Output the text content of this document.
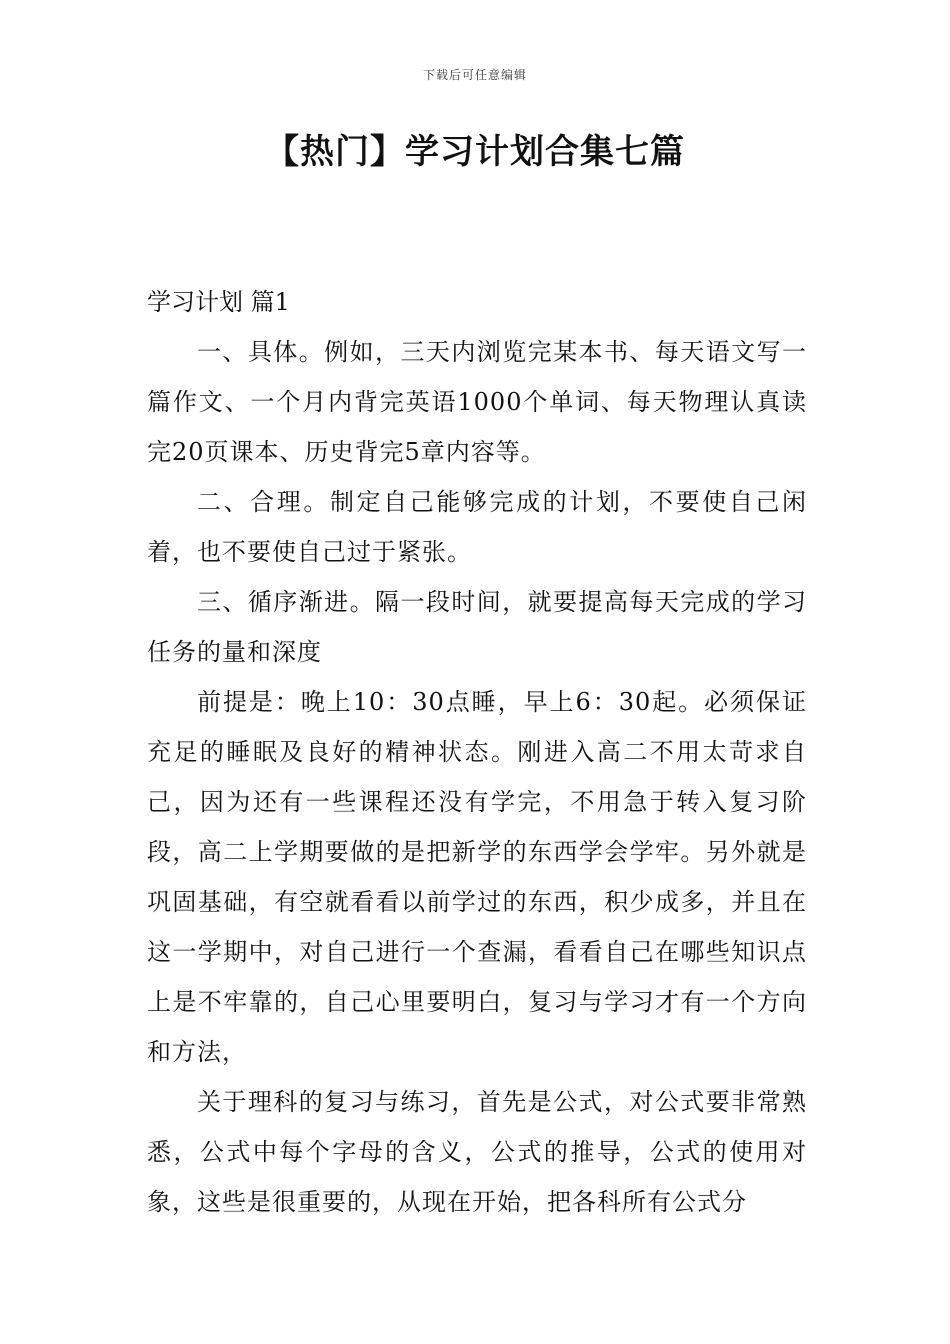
下载后可任意编辑
【热门】学习计划合集七篇

学习计划 篇1

一、具体。例如，三天内浏览完某本书、每天语文写一篇作文、一个月内背完英语1000个单词、每天物理认真读完20页课本、历史背完5章内容等。

二、合理。制定自己能够完成的计划，不要使自己闲着，也不要使自己过于紧张。

三、循序渐进。隔一段时间，就要提高每天完成的学习任务的量和深度

前提是：晚上10：30点睡，早上6：30起。必须保证充足的睡眠及良好的精神状态。刚进入高二不用太苛求自己，因为还有一些课程还没有学完，不用急于转入复习阶段，高二上学期要做的是把新学的东西学会学牢。另外就是巩固基础，有空就看看以前学过的东西，积少成多，并且在这一学期中，对自己进行一个查漏，看看自己在哪些知识点上是不牢靠的，自己心里要明白，复习与学习才有一个方向和方法，

关于理科的复习与练习，首先是公式，对公式要非常熟悉，公式中每个字母的含义，公式的推导，公式的使用对象，这些是很重要的，从现在开始，把各科所有公式分
